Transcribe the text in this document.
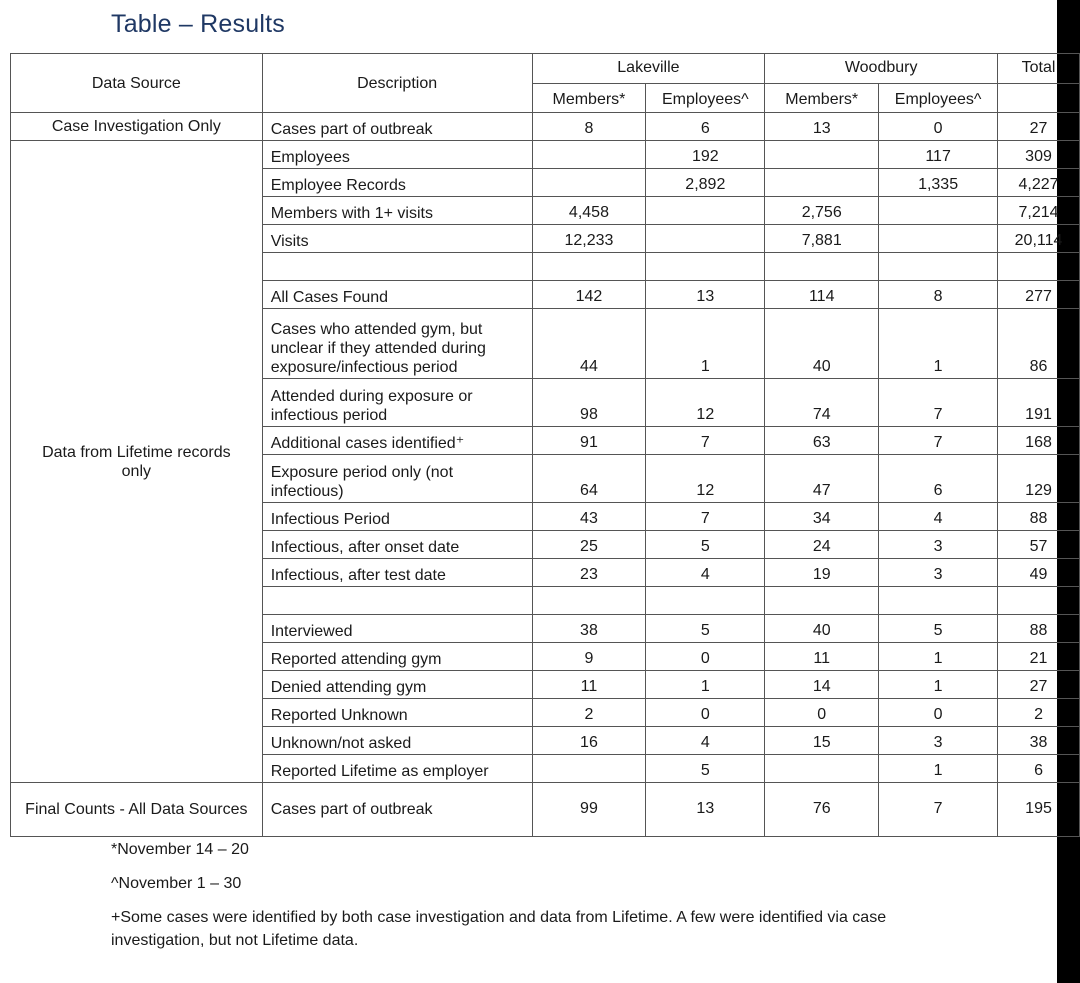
Table – Results
Data Source	Description	Lakeville		Woodbury		Total
		Members*	Employees^	Members*	Employees^	
Case Investigation Only	Cases part of outbreak	8	6	13	0	27
Data from Lifetime records only	Employees		192		117	309
	Employee Records		2,892		1,335	4,227
	Members with 1+ visits	4,458		2,756		7,214
	Visits	12,233		7,881		20,114

	All Cases Found	142	13	114	8	277
	Cases who attended gym, but unclear if they attended during exposure/infectious period	44	1	40	1	86
	Attended during exposure or infectious period	98	12	74	7	191
	Additional cases identified⁺	91	7	63	7	168
	Exposure period only (not infectious)	64	12	47	6	129
	Infectious Period	43	7	34	4	88
	Infectious, after onset date	25	5	24	3	57
	Infectious, after test date	23	4	19	3	49

	Interviewed	38	5	40	5	88
	Reported attending gym	9	0	11	1	21
	Denied attending gym	11	1	14	1	27
	Reported Unknown	2	0	0	0	2
	Unknown/not asked	16	4	15	3	38
	Reported Lifetime as employer		5		1	6
Final Counts - All Data Sources	Cases part of outbreak	99	13	76	7	195

*November 14 – 20

^November 1 – 30

+Some cases were identified by both case investigation and data from Lifetime. A few were identified via case investigation, but not Lifetime data.
